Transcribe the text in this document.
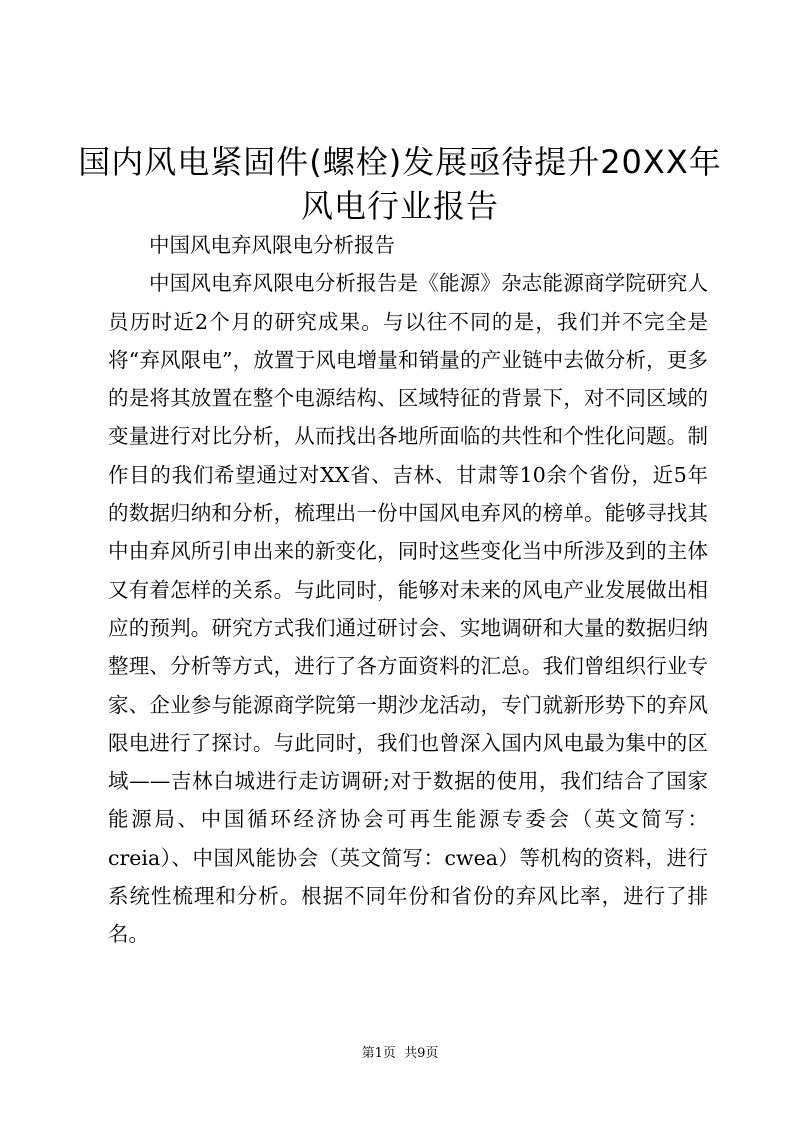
国内风电紧固件(螺栓)发展亟待提升20XX年
风电行业报告

中国风电弃风限电分析报告

中国风电弃风限电分析报告是《能源》杂志能源商学院研究人员历时近2个月的研究成果。与以往不同的是，我们并不完全是将“弃风限电”，放置于风电增量和销量的产业链中去做分析，更多的是将其放置在整个电源结构、区域特征的背景下，对不同区域的变量进行对比分析，从而找出各地所面临的共性和个性化问题。制作目的我们希望通过对XX省、吉林、甘肃等10余个省份，近5年的数据归纳和分析，梳理出一份中国风电弃风的榜单。能够寻找其中由弃风所引申出来的新变化，同时这些变化当中所涉及到的主体又有着怎样的关系。与此同时，能够对未来的风电产业发展做出相应的预判。研究方式我们通过研讨会、实地调研和大量的数据归纳整理、分析等方式，进行了各方面资料的汇总。我们曾组织行业专家、企业参与能源商学院第一期沙龙活动，专门就新形势下的弃风限电进行了探讨。与此同时，我们也曾深入国内风电最为集中的区域——吉林白城进行走访调研;对于数据的使用，我们结合了国家能源局、中国循环经济协会可再生能源专委会（英文简写：creia）、中国风能协会（英文简写：cwea）等机构的资料，进行系统性梳理和分析。根据不同年份和省份的弃风比率，进行了排名。

第1页  共9页
